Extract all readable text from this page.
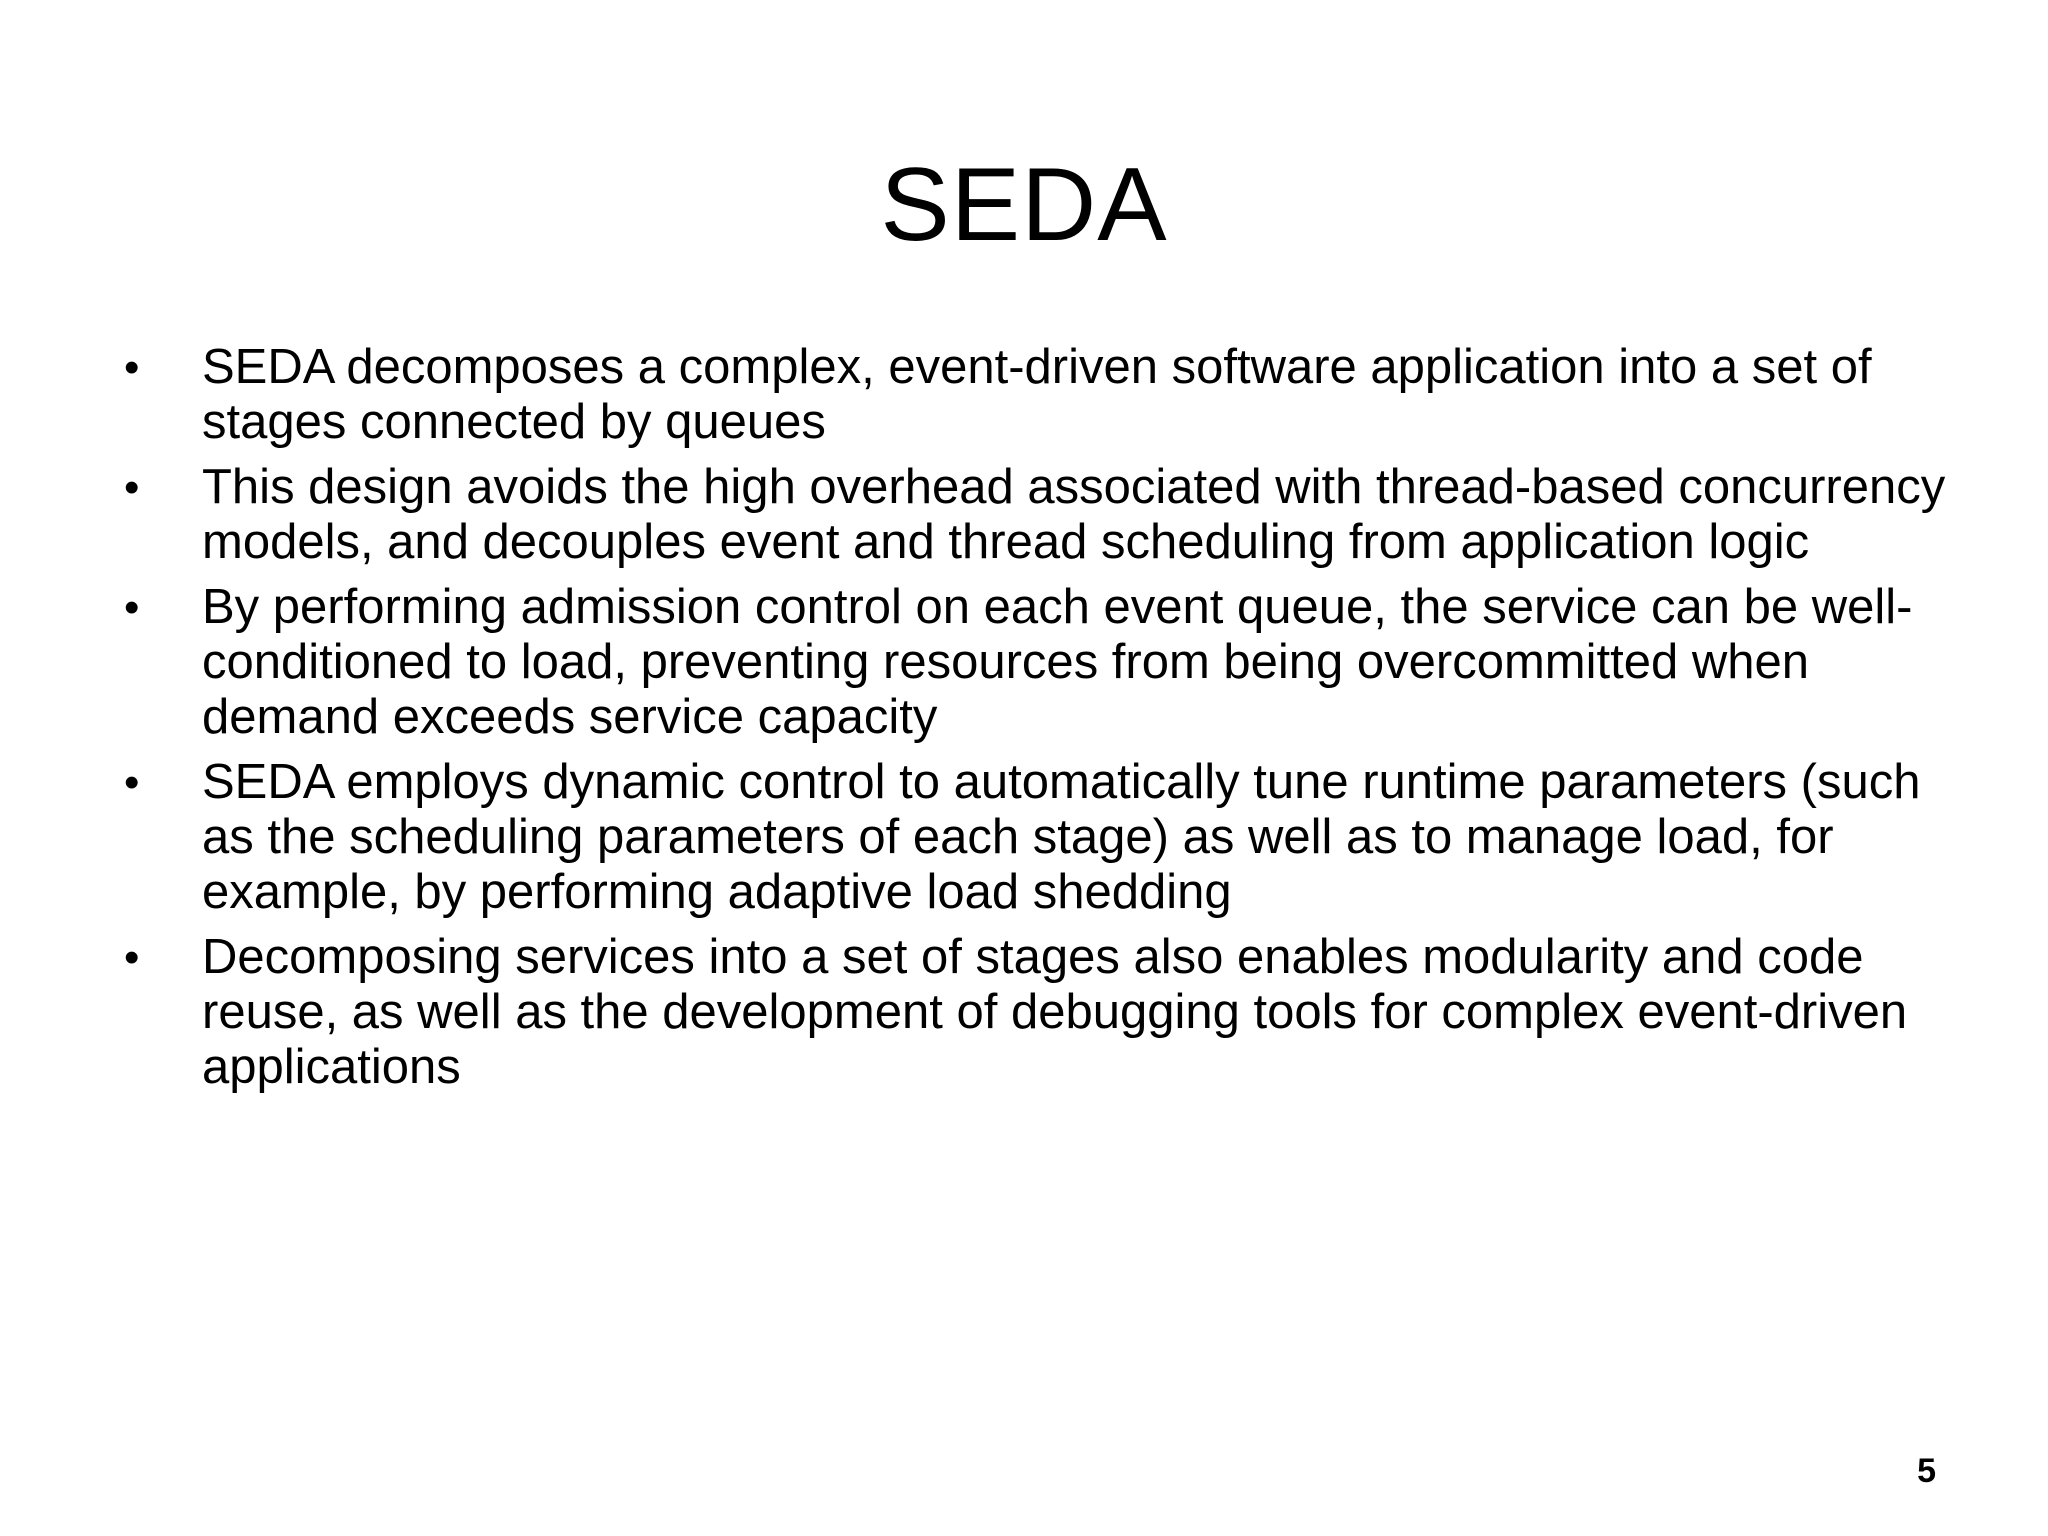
SEDA
• SEDA decomposes a complex, event-driven software application into a set of stages connected by queues
• This design avoids the high overhead associated with thread-based concurrency models, and decouples event and thread scheduling from application logic
• By performing admission control on each event queue, the service can be well-conditioned to load, preventing resources from being overcommitted when demand exceeds service capacity
• SEDA employs dynamic control to automatically tune runtime parameters (such as the scheduling parameters of each stage) as well as to manage load, for example, by performing adaptive load shedding
• Decomposing services into a set of stages also enables modularity and code reuse, as well as the development of debugging tools for complex event-driven applications
5
